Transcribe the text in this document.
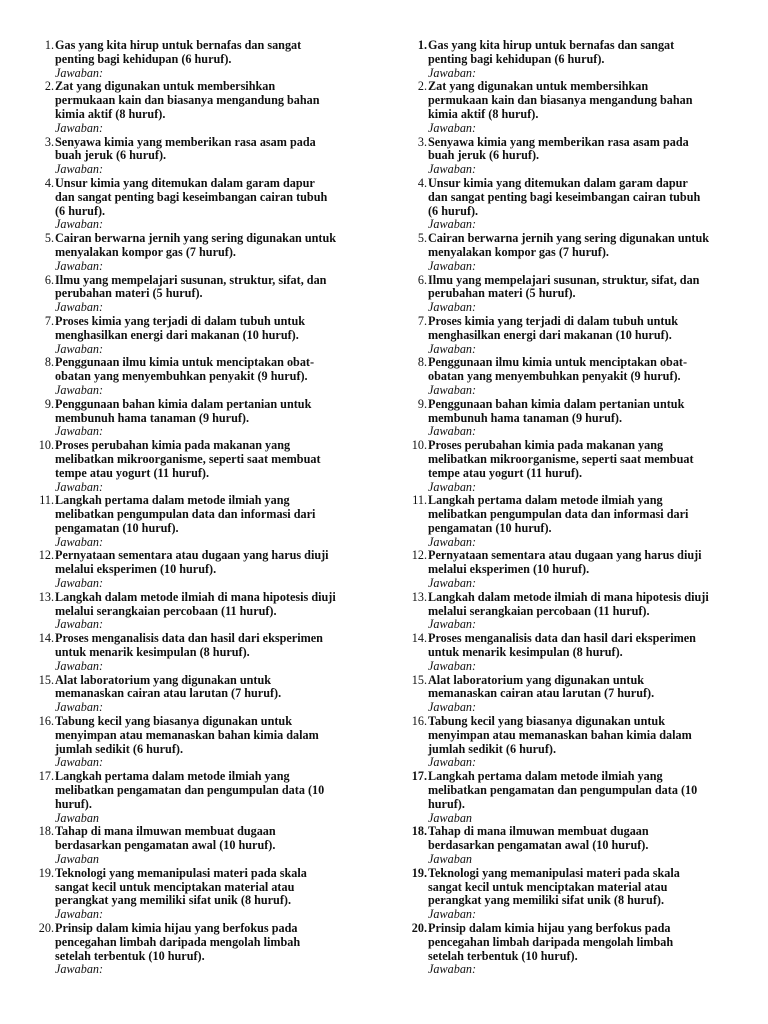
1. Gas yang kita hirup untuk bernafas dan sangat
penting bagi kehidupan (6 huruf).
Jawaban:
2. Zat yang digunakan untuk membersihkan
permukaan kain dan biasanya mengandung bahan
kimia aktif (8 huruf).
Jawaban:
3. Senyawa kimia yang memberikan rasa asam pada
buah jeruk (6 huruf).
Jawaban:
4. Unsur kimia yang ditemukan dalam garam dapur
dan sangat penting bagi keseimbangan cairan tubuh
(6 huruf).
Jawaban:
5. Cairan berwarna jernih yang sering digunakan untuk
menyalakan kompor gas (7 huruf).
Jawaban:
6. Ilmu yang mempelajari susunan, struktur, sifat, dan
perubahan materi (5 huruf).
Jawaban:
7. Proses kimia yang terjadi di dalam tubuh untuk
menghasilkan energi dari makanan (10 huruf).
Jawaban:
8. Penggunaan ilmu kimia untuk menciptakan obat-
obatan yang menyembuhkan penyakit (9 huruf).
Jawaban:
9. Penggunaan bahan kimia dalam pertanian untuk
membunuh hama tanaman (9 huruf).
Jawaban:
10. Proses perubahan kimia pada makanan yang
melibatkan mikroorganisme, seperti saat membuat
tempe atau yogurt (11 huruf).
Jawaban:
11. Langkah pertama dalam metode ilmiah yang
melibatkan pengumpulan data dan informasi dari
pengamatan (10 huruf).
Jawaban:
12. Pernyataan sementara atau dugaan yang harus diuji
melalui eksperimen (10 huruf).
Jawaban:
13. Langkah dalam metode ilmiah di mana hipotesis diuji
melalui serangkaian percobaan (11 huruf).
Jawaban:
14. Proses menganalisis data dan hasil dari eksperimen
untuk menarik kesimpulan (8 huruf).
Jawaban:
15. Alat laboratorium yang digunakan untuk
memanaskan cairan atau larutan (7 huruf).
Jawaban:
16. Tabung kecil yang biasanya digunakan untuk
menyimpan atau memanaskan bahan kimia dalam
jumlah sedikit (6 huruf).
Jawaban:
17. Langkah pertama dalam metode ilmiah yang
melibatkan pengamatan dan pengumpulan data (10
huruf).
Jawaban
18. Tahap di mana ilmuwan membuat dugaan
berdasarkan pengamatan awal (10 huruf).
Jawaban
19. Teknologi yang memanipulasi materi pada skala
sangat kecil untuk menciptakan material atau
perangkat yang memiliki sifat unik (8 huruf).
Jawaban:
20. Prinsip dalam kimia hijau yang berfokus pada
pencegahan limbah daripada mengolah limbah
setelah terbentuk (10 huruf).
Jawaban:
1. Gas yang kita hirup untuk bernafas dan sangat
penting bagi kehidupan (6 huruf).
Jawaban:
2. Zat yang digunakan untuk membersihkan
permukaan kain dan biasanya mengandung bahan
kimia aktif (8 huruf).
Jawaban:
3. Senyawa kimia yang memberikan rasa asam pada
buah jeruk (6 huruf).
Jawaban:
4. Unsur kimia yang ditemukan dalam garam dapur
dan sangat penting bagi keseimbangan cairan tubuh
(6 huruf).
Jawaban:
5. Cairan berwarna jernih yang sering digunakan untuk
menyalakan kompor gas (7 huruf).
Jawaban:
6. Ilmu yang mempelajari susunan, struktur, sifat, dan
perubahan materi (5 huruf).
Jawaban:
7. Proses kimia yang terjadi di dalam tubuh untuk
menghasilkan energi dari makanan (10 huruf).
Jawaban:
8. Penggunaan ilmu kimia untuk menciptakan obat-
obatan yang menyembuhkan penyakit (9 huruf).
Jawaban:
9. Penggunaan bahan kimia dalam pertanian untuk
membunuh hama tanaman (9 huruf).
Jawaban:
10. Proses perubahan kimia pada makanan yang
melibatkan mikroorganisme, seperti saat membuat
tempe atau yogurt (11 huruf).
Jawaban:
11. Langkah pertama dalam metode ilmiah yang
melibatkan pengumpulan data dan informasi dari
pengamatan (10 huruf).
Jawaban:
12. Pernyataan sementara atau dugaan yang harus diuji
melalui eksperimen (10 huruf).
Jawaban:
13. Langkah dalam metode ilmiah di mana hipotesis diuji
melalui serangkaian percobaan (11 huruf).
Jawaban:
14. Proses menganalisis data dan hasil dari eksperimen
untuk menarik kesimpulan (8 huruf).
Jawaban:
15. Alat laboratorium yang digunakan untuk
memanaskan cairan atau larutan (7 huruf).
Jawaban:
16. Tabung kecil yang biasanya digunakan untuk
menyimpan atau memanaskan bahan kimia dalam
jumlah sedikit (6 huruf).
Jawaban:
17. Langkah pertama dalam metode ilmiah yang
melibatkan pengamatan dan pengumpulan data (10
huruf).
Jawaban
18. Tahap di mana ilmuwan membuat dugaan
berdasarkan pengamatan awal (10 huruf).
Jawaban
19. Teknologi yang memanipulasi materi pada skala
sangat kecil untuk menciptakan material atau
perangkat yang memiliki sifat unik (8 huruf).
Jawaban:
20. Prinsip dalam kimia hijau yang berfokus pada
pencegahan limbah daripada mengolah limbah
setelah terbentuk (10 huruf).
Jawaban:
